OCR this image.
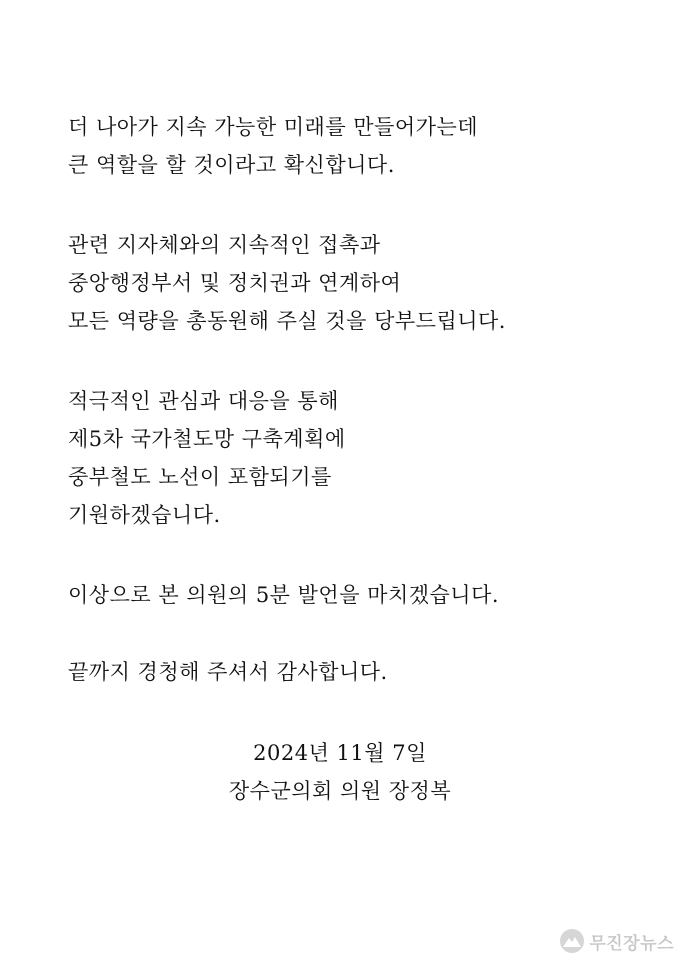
더 나아가 지속 가능한 미래를 만들어가는데
큰 역할을 할 것이라고 확신합니다.
관련 지자체와의 지속적인 접촉과
중앙행정부서 및 정치권과 연계하여
모든 역량을 총동원해 주실 것을 당부드립니다.
적극적인 관심과 대응을 통해
제5차 국가철도망 구축계획에
중부철도 노선이 포함되기를
기원하겠습니다.
이상으로 본 의원의 5분 발언을 마치겠습니다.
끝까지 경청해 주셔서 감사합니다.
2024년 11월 7일
장수군의회 의원 장정복
무진장뉴스
